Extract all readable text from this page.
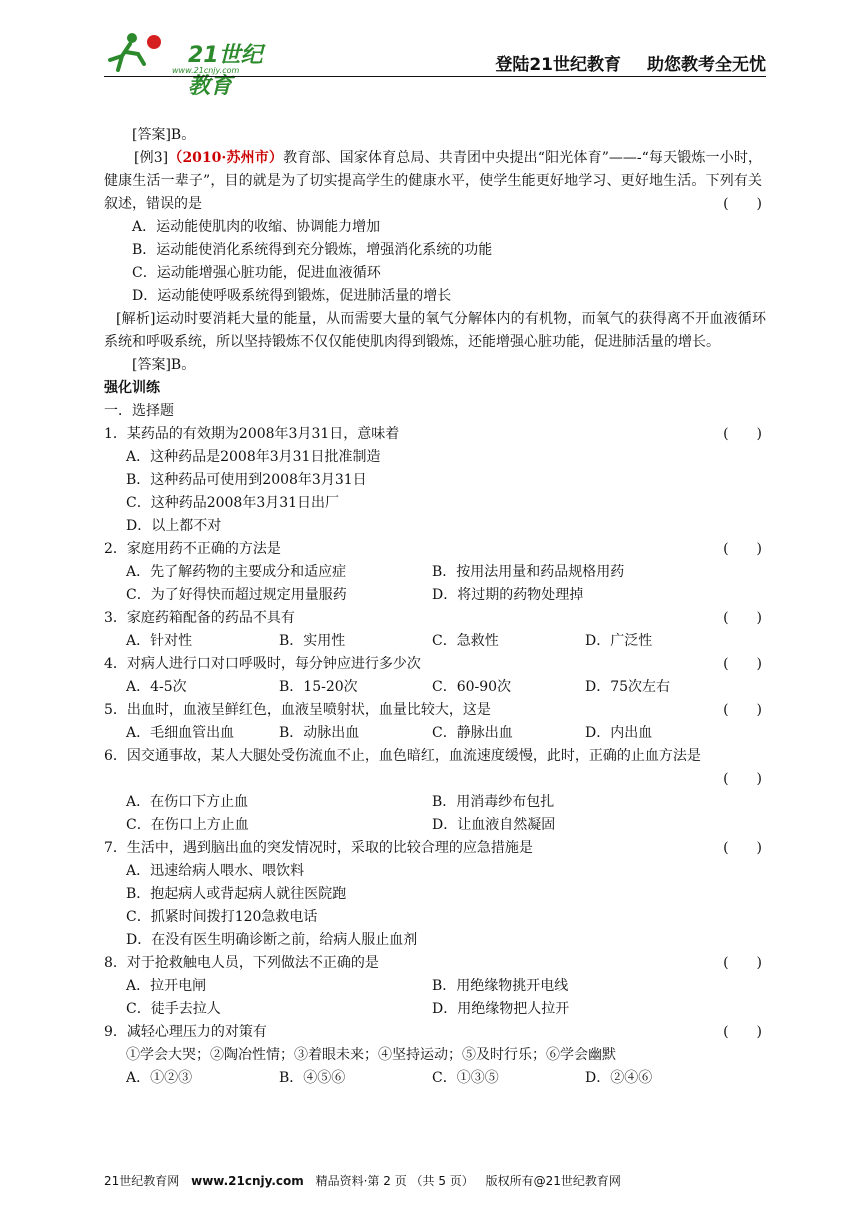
21世纪教育
www.21cnjy.com	登陆21世纪教育 助您教考全无忧
[答案]B。
[例3]（2010·苏州市）教育部、国家体育总局、共青团中央提出“阳光体育”——-“每天锻炼一小时，健康生活一辈子”，目的就是为了切实提高学生的健康水平，使学生能更好地学习、更好地生活。下列有关叙述，错误的是	(　　)
A．运动能使肌肉的收缩、协调能力增加
B．运动能使消化系统得到充分锻炼，增强消化系统的功能
C．运动能增强心脏功能，促进血液循环
D．运动能使呼吸系统得到锻炼，促进肺活量的增长
[解析]运动时要消耗大量的能量，从而需要大量的氧气分解体内的有机物，而氧气的获得离不开血液循环系统和呼吸系统，所以坚持锻炼不仅仅能使肌肉得到锻炼，还能增强心脏功能，促进肺活量的增长。
[答案]B。
强化训练
一．选择题
1．某药品的有效期为2008年3月31日，意味着	(　　)
A．这种药品是2008年3月31日批准制造
B．这种药品可使用到2008年3月31日
C．这种药品2008年3月31日出厂
D．以上都不对
2．家庭用药不正确的方法是	(　　)
A．先了解药物的主要成分和适应症	B．按用法用量和药品规格用药
C．为了好得快而超过规定用量服药	D．将过期的药物处理掉
3．家庭药箱配备的药品不具有	(　　)
A．针对性	B．实用性	C．急救性	D．广泛性
4．对病人进行口对口呼吸时，每分钟应进行多少次	(　　)
A．4-5次	B．15-20次	C．60-90次	D．75次左右
5．出血时，血液呈鲜红色，血液呈喷射状，血量比较大，这是	(　　)
A．毛细血管出血	B．动脉出血	C．静脉出血	D．内出血
6．因交通事故，某人大腿处受伤流血不止，血色暗红，血流速度缓慢，此时，正确的止血方法是
(　　)
A．在伤口下方止血	B．用消毒纱布包扎
C．在伤口上方止血	D．让血液自然凝固
7．生活中，遇到脑出血的突发情况时，采取的比较合理的应急措施是	(　　)
A．迅速给病人喂水、喂饮料
B．抱起病人或背起病人就往医院跑
C．抓紧时间拨打120急救电话
D．在没有医生明确诊断之前，给病人服止血剂
8．对于抢救触电人员，下列做法不正确的是	(　　)
A．拉开电闸	B．用绝缘物挑开电线
C．徒手去拉人	D．用绝缘物把人拉开
9．减轻心理压力的对策有	(　　)
①学会大哭；②陶冶性情；③着眼未来；④坚持运动；⑤及时行乐；⑥学会幽默
A．①②③	B．④⑤⑥	C．①③⑤	D．②④⑥
21世纪教育网 www.21cnjy.com 精品资料·第 2 页 （共 5 页） 版权所有@21世纪教育网
